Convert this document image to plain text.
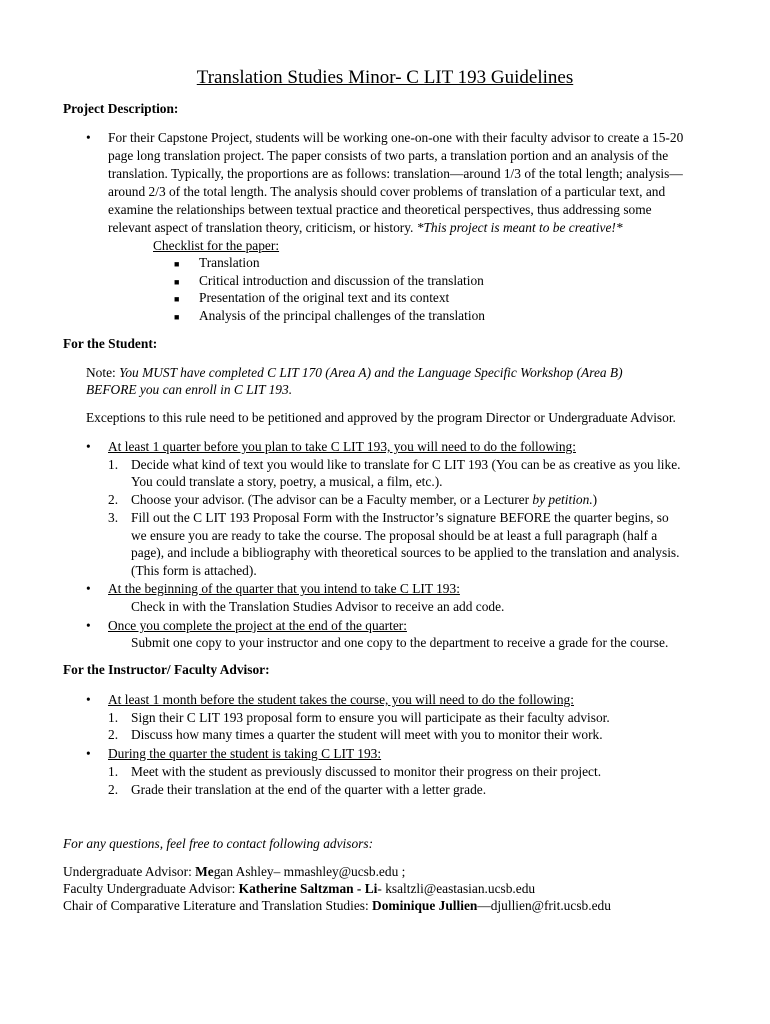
Translation Studies Minor- C LIT 193 Guidelines
Project Description:
• For their Capstone Project, students will be working one-on-one with their faculty advisor to create a 15-20
page long translation project. The paper consists of two parts, a translation portion and an analysis of the
translation. Typically, the proportions are as follows: translation—around 1/3 of the total length; analysis—
around 2/3 of the total length. The analysis should cover problems of translation of a particular text, and
examine the relationships between textual practice and theoretical perspectives, thus addressing some
relevant aspect of translation theory, criticism, or history. *This project is meant to be creative!*
Checklist for the paper:
■ Translation
■ Critical introduction and discussion of the translation
■ Presentation of the original text and its context
■ Analysis of the principal challenges of the translation
For the Student:
Note: You MUST have completed C LIT 170 (Area A) and the Language Specific Workshop (Area B)
BEFORE you can enroll in C LIT 193.
Exceptions to this rule need to be petitioned and approved by the program Director or Undergraduate Advisor.
• At least 1 quarter before you plan to take C LIT 193, you will need to do the following:
1. Decide what kind of text you would like to translate for C LIT 193 (You can be as creative as you like.
You could translate a story, poetry, a musical, a film, etc.).
2. Choose your advisor. (The advisor can be a Faculty member, or a Lecturer by petition.)
3. Fill out the C LIT 193 Proposal Form with the Instructor’s signature BEFORE the quarter begins, so
we ensure you are ready to take the course. The proposal should be at least a full paragraph (half a
page), and include a bibliography with theoretical sources to be applied to the translation and analysis.
(This form is attached).
• At the beginning of the quarter that you intend to take C LIT 193:
Check in with the Translation Studies Advisor to receive an add code.
• Once you complete the project at the end of the quarter:
Submit one copy to your instructor and one copy to the department to receive a grade for the course.
For the Instructor/ Faculty Advisor:
• At least 1 month before the student takes the course, you will need to do the following:
1. Sign their C LIT 193 proposal form to ensure you will participate as their faculty advisor.
2. Discuss how many times a quarter the student will meet with you to monitor their work.
• During the quarter the student is taking C LIT 193:
1. Meet with the student as previously discussed to monitor their progress on their project.
2. Grade their translation at the end of the quarter with a letter grade.
For any questions, feel free to contact following advisors:
Undergraduate Advisor: Megan Ashley– mmashley@ucsb.edu ;
Faculty Undergraduate Advisor: Katherine Saltzman - Li- ksaltzli@eastasian.ucsb.edu
Chair of Comparative Literature and Translation Studies: Dominique Jullien—djullien@frit.ucsb.edu
